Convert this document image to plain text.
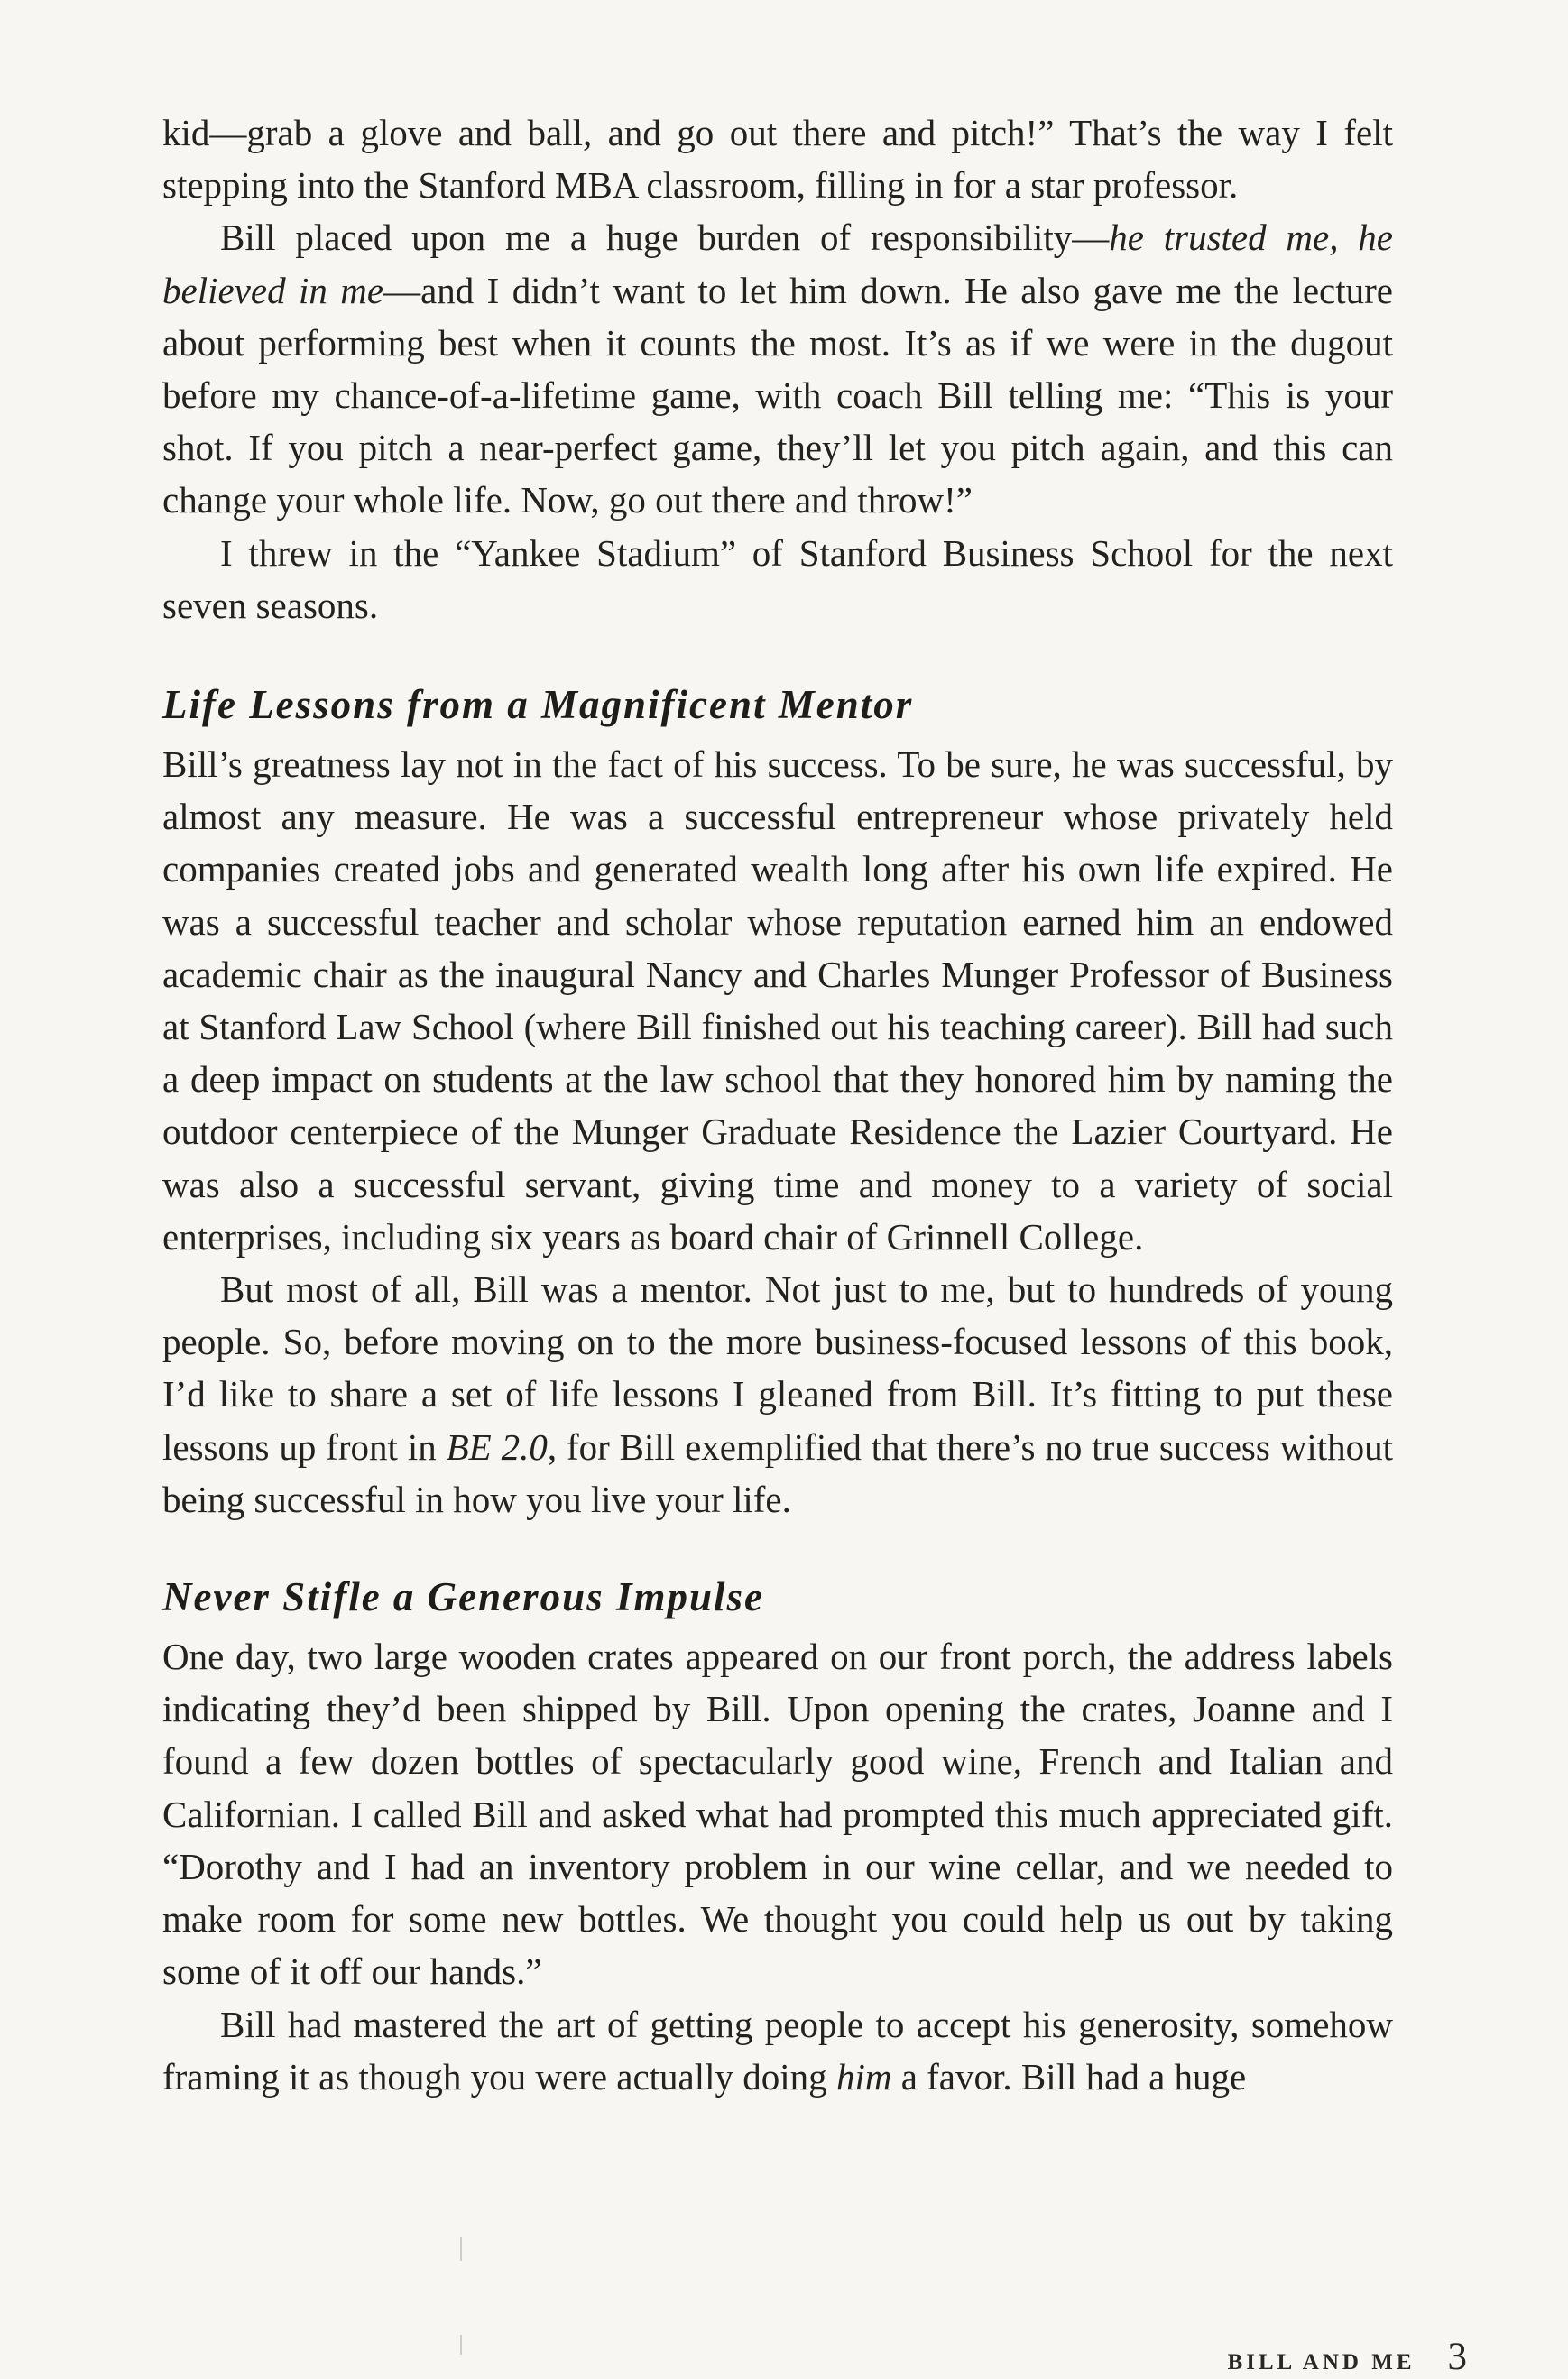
kid—grab a glove and ball, and go out there and pitch!” That’s the way I felt stepping into the Stanford MBA classroom, filling in for a star professor.

Bill placed upon me a huge burden of responsibility—he trusted me, he believed in me—and I didn’t want to let him down. He also gave me the lecture about performing best when it counts the most. It’s as if we were in the dugout before my chance-of-a-lifetime game, with coach Bill telling me: “This is your shot. If you pitch a near-perfect game, they’ll let you pitch again, and this can change your whole life. Now, go out there and throw!”

I threw in the “Yankee Stadium” of Stanford Business School for the next seven seasons.

Life Lessons from a Magnificent Mentor

Bill’s greatness lay not in the fact of his success. To be sure, he was successful, by almost any measure. He was a successful entrepreneur whose privately held companies created jobs and generated wealth long after his own life expired. He was a successful teacher and scholar whose reputation earned him an endowed academic chair as the inaugural Nancy and Charles Munger Professor of Business at Stanford Law School (where Bill finished out his teaching career). Bill had such a deep impact on students at the law school that they honored him by naming the outdoor centerpiece of the Munger Graduate Residence the Lazier Courtyard. He was also a successful servant, giving time and money to a variety of social enterprises, including six years as board chair of Grinnell College.

But most of all, Bill was a mentor. Not just to me, but to hundreds of young people. So, before moving on to the more business-focused lessons of this book, I’d like to share a set of life lessons I gleaned from Bill. It’s fitting to put these lessons up front in BE 2.0, for Bill exemplified that there’s no true success without being successful in how you live your life.

Never Stifle a Generous Impulse

One day, two large wooden crates appeared on our front porch, the address labels indicating they’d been shipped by Bill. Upon opening the crates, Joanne and I found a few dozen bottles of spectacularly good wine, French and Italian and Californian. I called Bill and asked what had prompted this much appreciated gift. “Dorothy and I had an inventory problem in our wine cellar, and we needed to make room for some new bottles. We thought you could help us out by taking some of it off our hands.”

Bill had mastered the art of getting people to accept his generosity, somehow framing it as though you were actually doing him a favor. Bill had a huge

BILL AND ME 3
